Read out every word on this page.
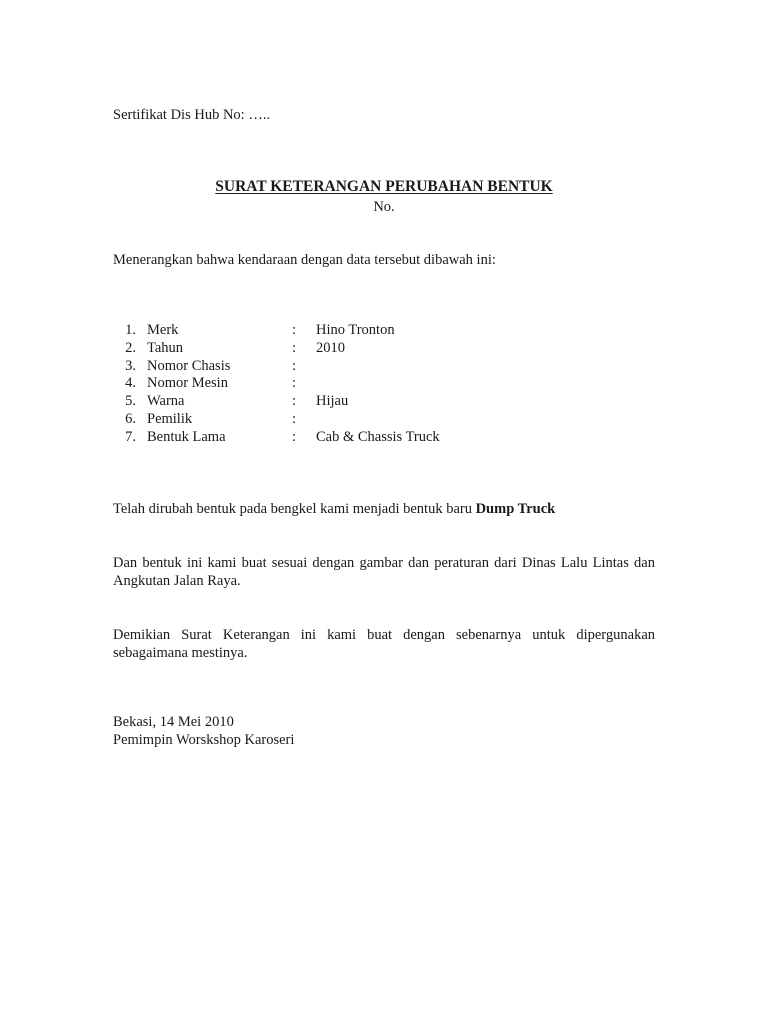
Sertifikat Dis Hub No: …..
SURAT KETERANGAN PERUBAHAN BENTUK
No.
Menerangkan bahwa kendaraan dengan data tersebut dibawah ini:
1. Merk	: Hino Tronton
2. Tahun	: 2010
3. Nomor Chasis	:
4. Nomor Mesin	:
5. Warna	: Hijau
6. Pemilik	:
7. Bentuk Lama	: Cab & Chassis Truck
Telah dirubah bentuk pada bengkel kami menjadi bentuk baru Dump Truck
Dan bentuk ini kami buat sesuai dengan gambar dan peraturan dari Dinas Lalu Lintas dan Angkutan Jalan Raya.
Demikian Surat Keterangan ini kami buat dengan sebenarnya untuk dipergunakan sebagaimana mestinya.
Bekasi, 14 Mei 2010
Pemimpin Worskshop Karoseri
